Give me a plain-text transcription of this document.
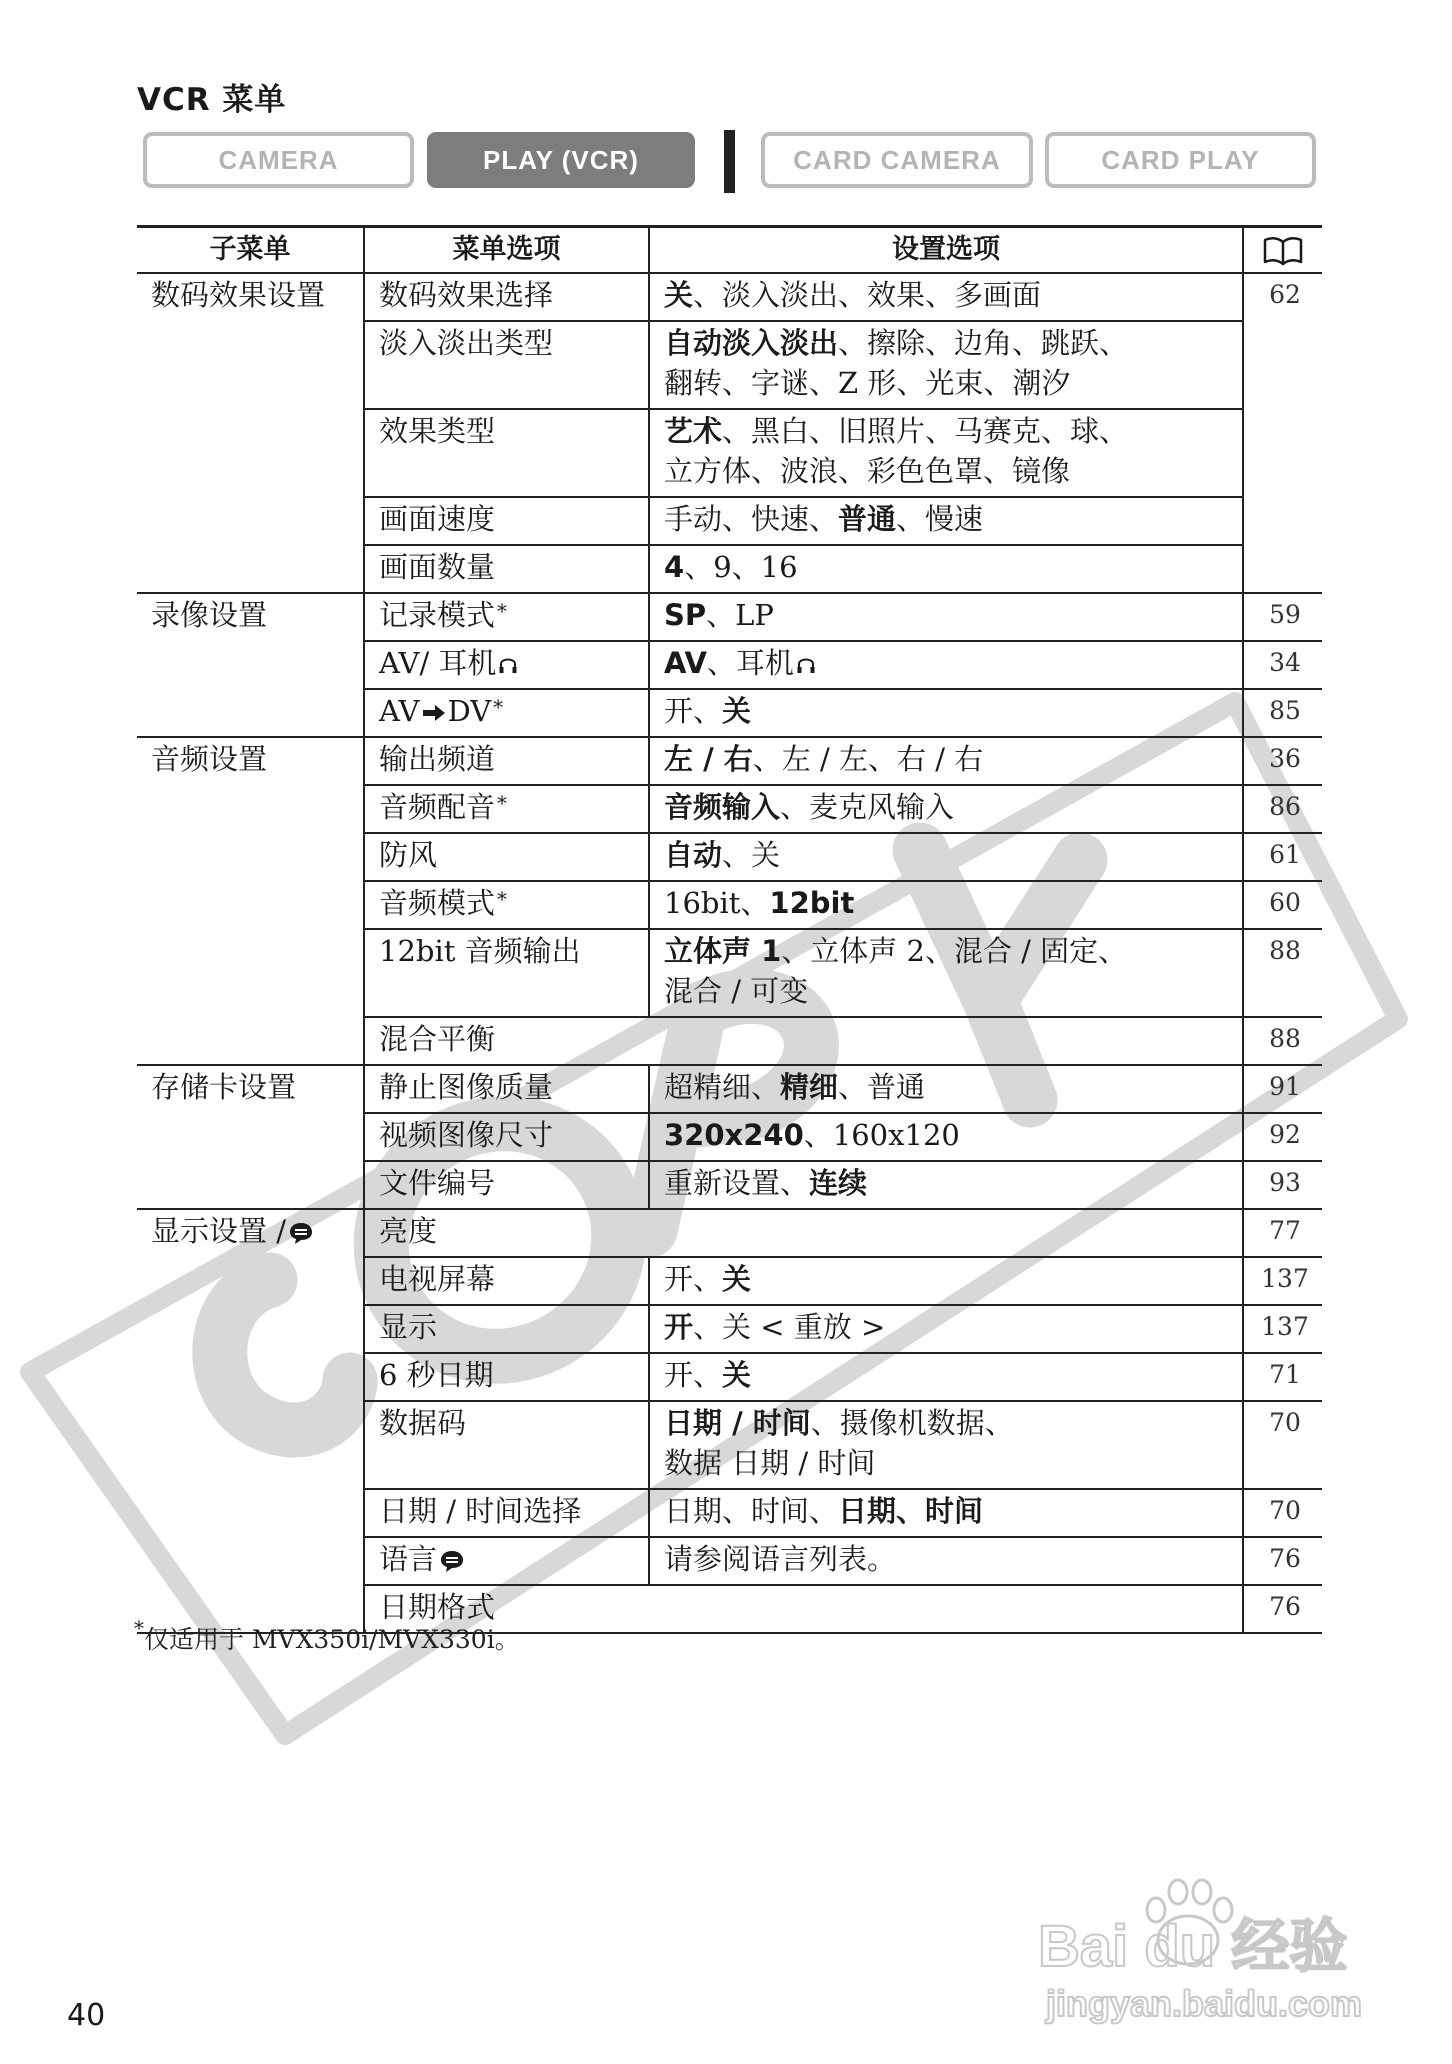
VCR 菜单
CAMERA	PLAY (VCR)	CARD CAMERA	CARD PLAY
子菜单	菜单选项	设置选项	
数码效果设置	数码效果选择	关、淡入淡出、效果、多画面	62
	淡入淡出类型	自动淡入淡出、擦除、边角、跳跃、
翻转、字谜、Z 形、光束、潮汐	
	效果类型	艺术、黑白、旧照片、马赛克、球、
立方体、波浪、彩色色罩、镜像	
	画面速度	手动、快速、普通、慢速	
	画面数量	4、9、16	
录像设置	记录模式 *	SP、LP	59
	AV/ 耳机	AV、耳机	34
	AV DV *	开、关	85
音频设置	输出频道	左 / 右、左 / 左、右 / 右	36
	音频配音 *	音频输入、麦克风输入	86
	防风	自动、关	61
	音频模式 *	16bit、12bit	60
	12bit 音频输出	立体声 1、立体声 2、混合 / 固定、
混合 / 可变	88
	混合平衡		88
存储卡设置	静止图像质量	超精细、精细、普通	91
	视频图像尺寸	320x240、160x120	92
	文件编号	重新设置、连续	93
显示设置 /	亮度		77
	电视屏幕	开、关	137
	显示	开、关 < 重放 >	137
	6 秒日期	开、关	71
	数据码	日期 / 时间、摄像机数据、
数据 日期 / 时间	70
	日期 / 时间选择	日期、时间、日期、时间	70
	语言	请参阅语言列表。	76
	日期格式		76
*仅适用于 MVX350i/MVX330i。
Bai du 经验
jingyan.baidu.com
40
